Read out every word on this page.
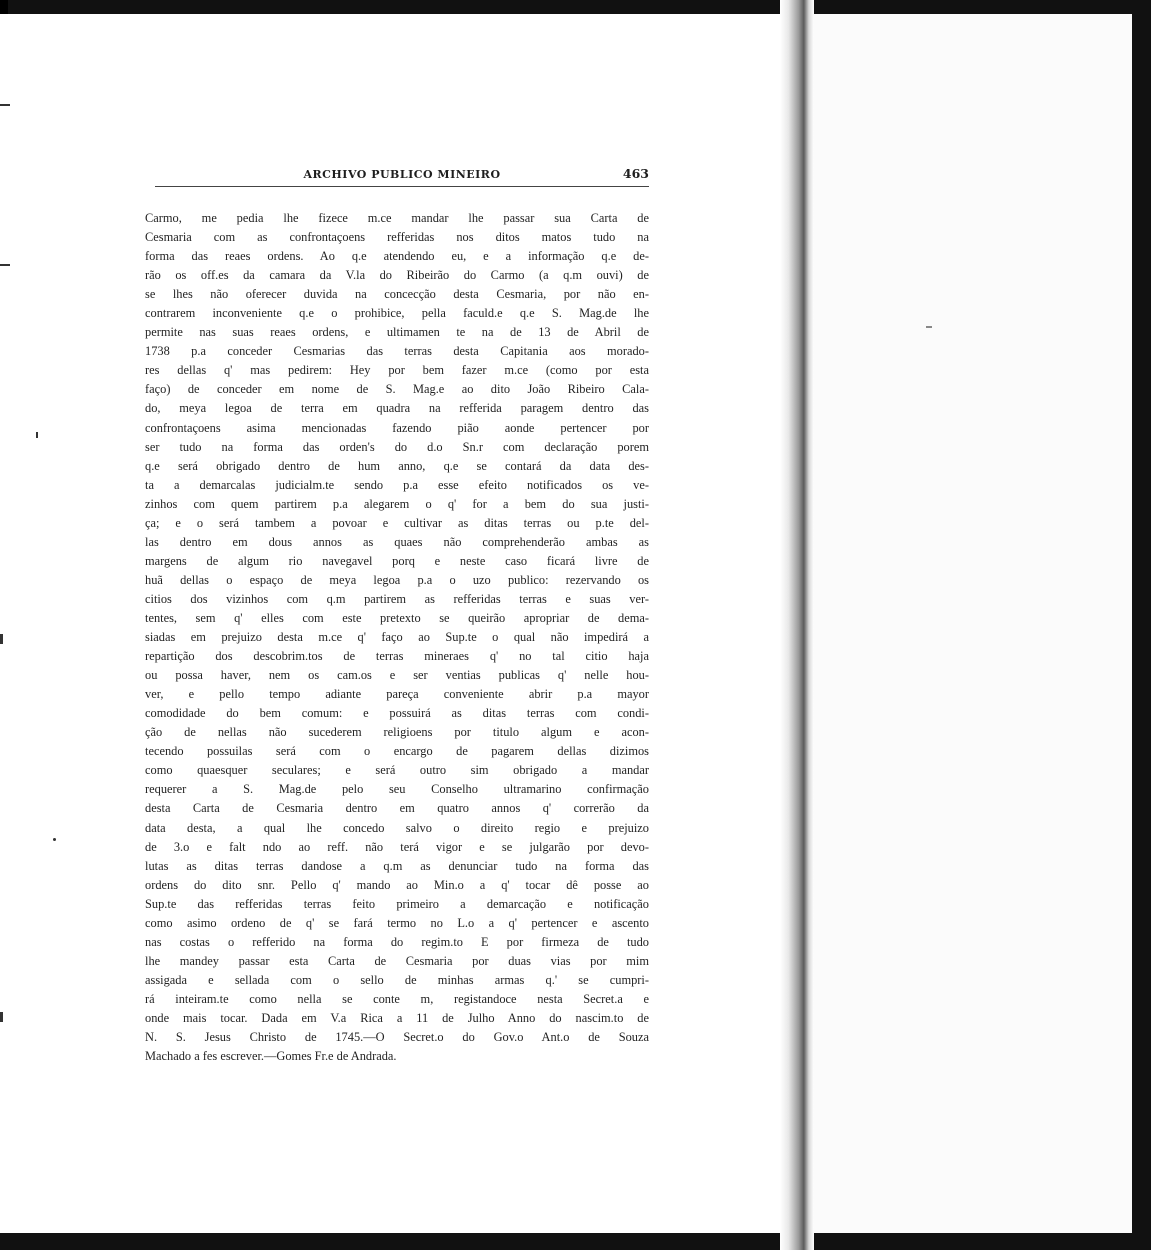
ARCHIVO PUBLICO MINEIRO	463
Carmo, me pedia lhe fizece m.ce mandar lhe passar sua Carta de
Cesmaria com as confrontaçoens refferidas nos ditos matos tudo na
forma das reaes ordens. Ao q.e atendendo eu, e a informação q.e de-
rão os off.es da camara da V.la do Ribeirão do Carmo (a q.m ouvi) de
se lhes não oferecer duvida na concecção desta Cesmaria, por não en-
contrarem inconveniente q.e o prohibice, pella faculd.e q.e S. Mag.de lhe
permite nas suas reaes ordens, e ultimamen te na de 13 de Abril de
1738 p.a conceder Cesmarias das terras desta Capitania aos morado-
res dellas q' mas pedirem: Hey por bem fazer m.ce (como por esta
faço) de conceder em nome de S. Mag.e ao dito João Ribeiro Cala-
do, meya legoa de terra em quadra na refferida paragem dentro das
confrontaçoens asima mencionadas fazendo pião aonde pertencer por
ser tudo na forma das orden's do d.o Sn.r com declaração porem
q.e será obrigado dentro de hum anno, q.e se contará da data des-
ta a demarcalas judicialm.te sendo p.a esse efeito notificados os ve-
zinhos com quem partirem p.a alegarem o q' for a bem do sua justi-
ça; e o será tambem a povoar e cultivar as ditas terras ou p.te del-
las dentro em dous annos as quaes não comprehenderão ambas as
margens de algum rio navegavel porq e neste caso ficará livre de
huã dellas o espaço de meya legoa p.a o uzo publico: rezervando os
citios dos vizinhos com q.m partirem as refferidas terras e suas ver-
tentes, sem q' elles com este pretexto se queirão apropriar de dema-
siadas em prejuizo desta m.ce q' faço ao Sup.te o qual não impedirá a
repartição dos descobrim.tos de terras mineraes q' no tal citio haja
ou possa haver, nem os cam.os e ser ventias publicas q' nelle hou-
ver, e pello tempo adiante pareça conveniente abrir p.a mayor
comodidade do bem comum: e possuirá as ditas terras com condi-
ção de nellas não sucederem religioens por titulo algum e acon-
tecendo possuilas será com o encargo de pagarem dellas dizimos
como quaesquer seculares; e será outro sim obrigado a mandar
requerer a S. Mag.de pelo seu Conselho ultramarino confirmação
desta Carta de Cesmaria dentro em quatro annos q' correrão da
data desta, a qual lhe concedo salvo o direito regio e prejuizo
de 3.o e falt ndo ao reff. não terá vigor e se julgarão por devo-
lutas as ditas terras dandose a q.m as denunciar tudo na forma das
ordens do dito snr. Pello q' mando ao Min.o a q' tocar dê posse ao
Sup.te das refferidas terras feito primeiro a demarcação e notificação
como asimo ordeno de q' se fará termo no L.o a q' pertencer e ascento
nas costas o refferido na forma do regim.to E por firmeza de tudo
lhe mandey passar esta Carta de Cesmaria por duas vias por mim
assigada e sellada com o sello de minhas armas q.' se cumpri-
rá inteiram.te como nella se conte m, registandoce nesta Secret.a e
onde mais tocar. Dada em V.a Rica a 11 de Julho Anno do nascim.to de
N. S. Jesus Christo de 1745.—O Secret.o do Gov.o Ant.o de Souza
Machado a fes escrever.—Gomes Fr.e de Andrada.
